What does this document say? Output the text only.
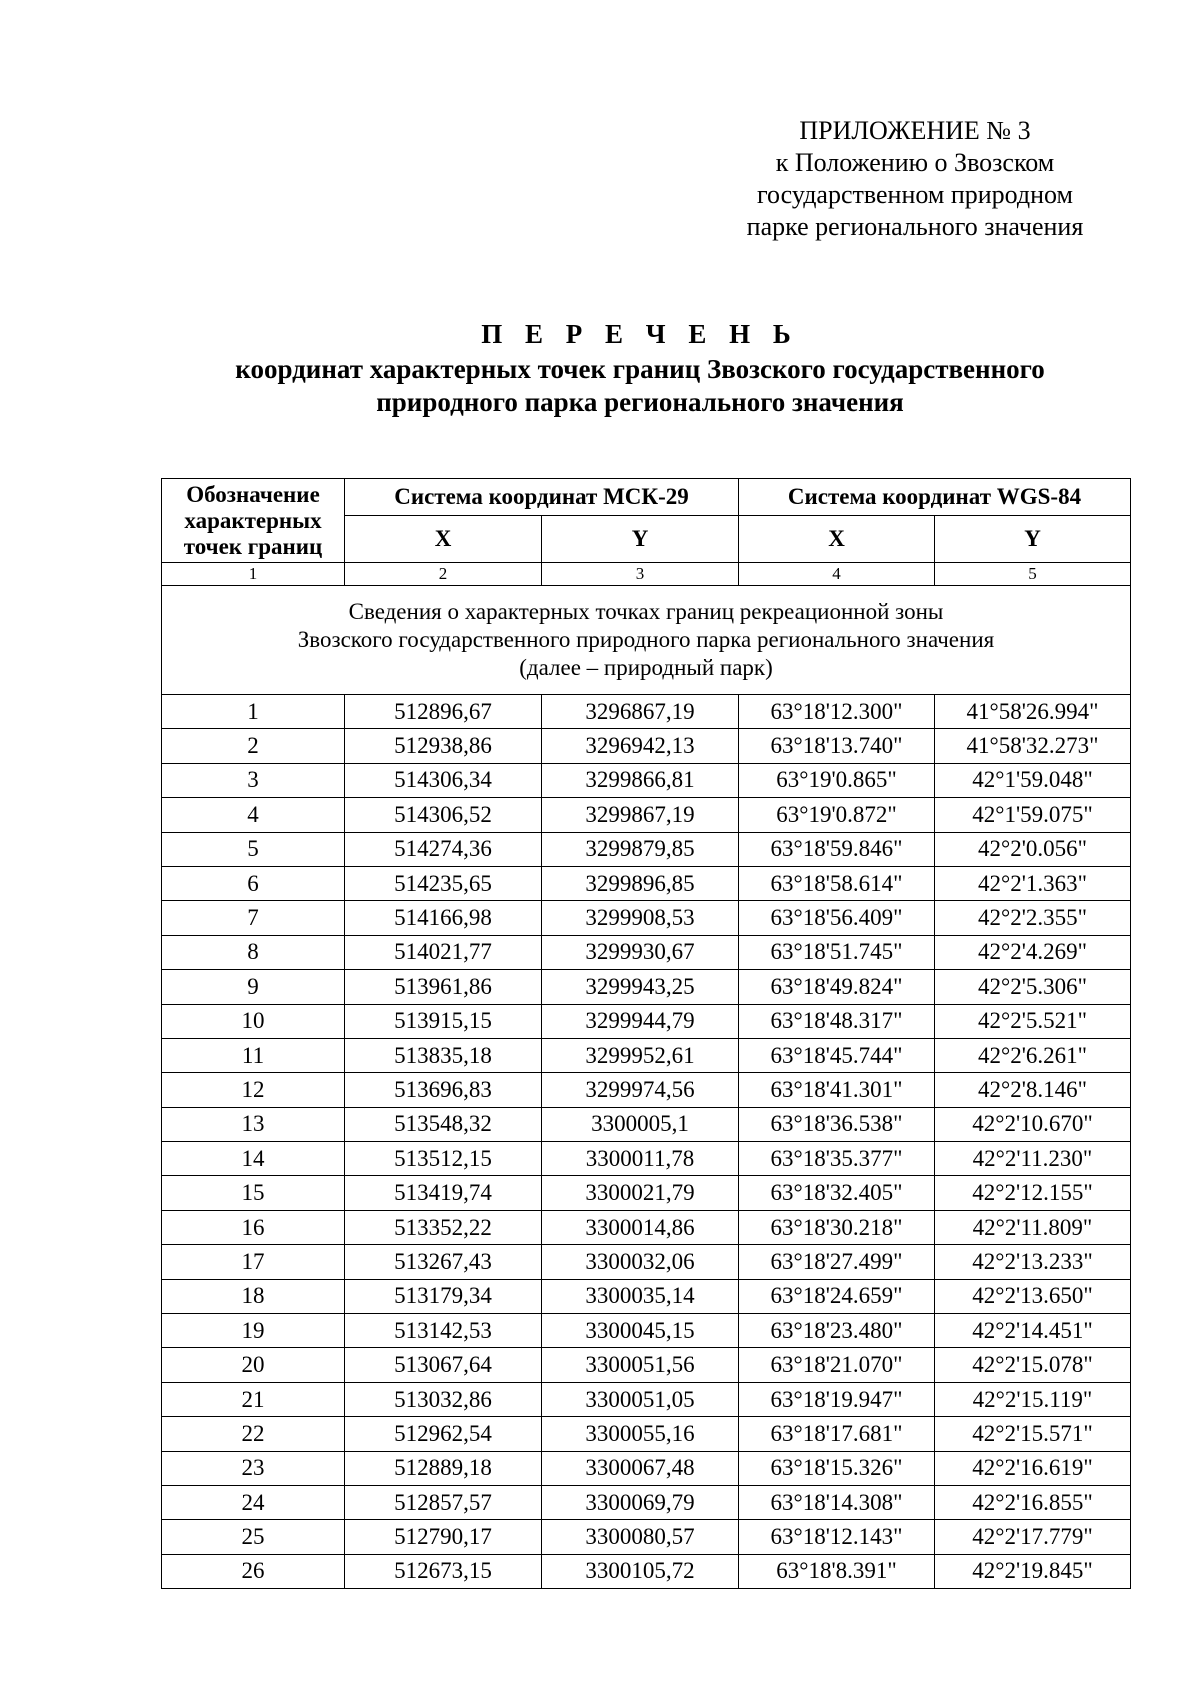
ПРИЛОЖЕНИЕ № 3
к Положению о Звозском
государственном природном
парке регионального значения
П Е Р Е Ч Е Н Ь
координат характерных точек границ Звозского государственного
природного парка регионального значения
Обозначение
характерных
точек границ	Система координат МСК-29		Система координат WGS-84	
	X	Y	X	Y
1	2	3	4	5

Сведения о характерных точках границ рекреационной зоны
Звозского государственного природного парка регионального значения
(далее – природный парк)				

1	512896,67	3296867,19	63°18'12.300"	41°58'26.994"
2	512938,86	3296942,13	63°18'13.740"	41°58'32.273"
3	514306,34	3299866,81	63°19'0.865"	42°1'59.048"
4	514306,52	3299867,19	63°19'0.872"	42°1'59.075"
5	514274,36	3299879,85	63°18'59.846"	42°2'0.056"
6	514235,65	3299896,85	63°18'58.614"	42°2'1.363"
7	514166,98	3299908,53	63°18'56.409"	42°2'2.355"
8	514021,77	3299930,67	63°18'51.745"	42°2'4.269"
9	513961,86	3299943,25	63°18'49.824"	42°2'5.306"
10	513915,15	3299944,79	63°18'48.317"	42°2'5.521"
11	513835,18	3299952,61	63°18'45.744"	42°2'6.261"
12	513696,83	3299974,56	63°18'41.301"	42°2'8.146"
13	513548,32	3300005,1	63°18'36.538"	42°2'10.670"
14	513512,15	3300011,78	63°18'35.377"	42°2'11.230"
15	513419,74	3300021,79	63°18'32.405"	42°2'12.155"
16	513352,22	3300014,86	63°18'30.218"	42°2'11.809"
17	513267,43	3300032,06	63°18'27.499"	42°2'13.233"
18	513179,34	3300035,14	63°18'24.659"	42°2'13.650"
19	513142,53	3300045,15	63°18'23.480"	42°2'14.451"
20	513067,64	3300051,56	63°18'21.070"	42°2'15.078"
21	513032,86	3300051,05	63°18'19.947"	42°2'15.119"
22	512962,54	3300055,16	63°18'17.681"	42°2'15.571"
23	512889,18	3300067,48	63°18'15.326"	42°2'16.619"
24	512857,57	3300069,79	63°18'14.308"	42°2'16.855"
25	512790,17	3300080,57	63°18'12.143"	42°2'17.779"
26	512673,15	3300105,72	63°18'8.391"	42°2'19.845"
